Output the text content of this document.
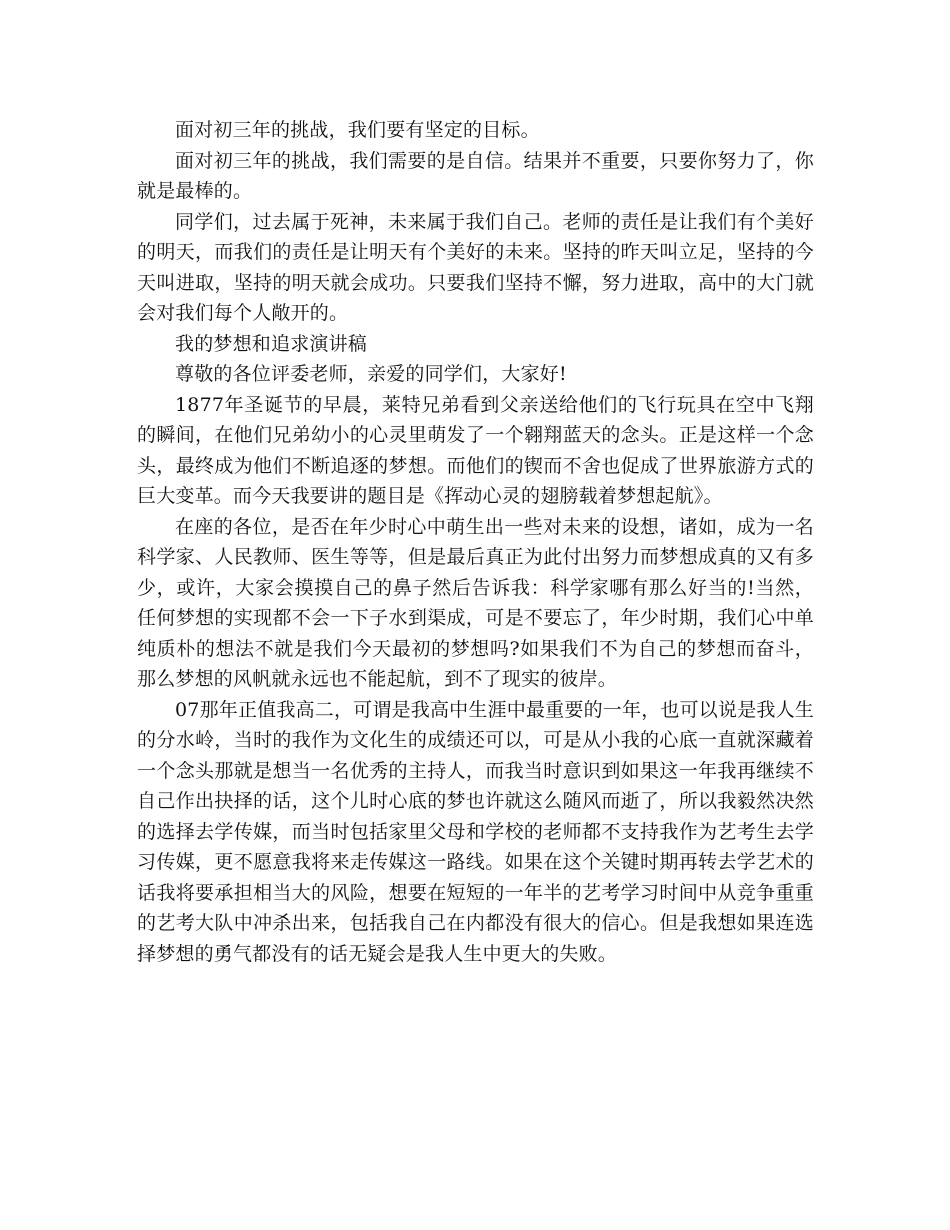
面对初三年的挑战，我们要有坚定的目标。

面对初三年的挑战，我们需要的是自信。结果并不重要，只要你努力了，你就是最棒的。

同学们，过去属于死神，未来属于我们自己。老师的责任是让我们有个美好的明天，而我们的责任是让明天有个美好的未来。坚持的昨天叫立足，坚持的今天叫进取，坚持的明天就会成功。只要我们坚持不懈，努力进取，高中的大门就会对我们每个人敞开的。

我的梦想和追求演讲稿

尊敬的各位评委老师，亲爱的同学们，大家好!

1877年圣诞节的早晨，莱特兄弟看到父亲送给他们的飞行玩具在空中飞翔的瞬间，在他们兄弟幼小的心灵里萌发了一个翱翔蓝天的念头。正是这样一个念头，最终成为他们不断追逐的梦想。而他们的锲而不舍也促成了世界旅游方式的巨大变革。而今天我要讲的题目是《挥动心灵的翅膀载着梦想起航》。

在座的各位，是否在年少时心中萌生出一些对未来的设想，诸如，成为一名科学家、人民教师、医生等等，但是最后真正为此付出努力而梦想成真的又有多少，或许，大家会摸摸自己的鼻子然后告诉我：科学家哪有那么好当的!当然，任何梦想的实现都不会一下子水到渠成，可是不要忘了，年少时期，我们心中单纯质朴的想法不就是我们今天最初的梦想吗?如果我们不为自己的梦想而奋斗，那么梦想的风帆就永远也不能起航，到不了现实的彼岸。

07那年正值我高二，可谓是我高中生涯中最重要的一年，也可以说是我人生的分水岭，当时的我作为文化生的成绩还可以，可是从小我的心底一直就深藏着一个念头那就是想当一名优秀的主持人，而我当时意识到如果这一年我再继续不自己作出抉择的话，这个儿时心底的梦也许就这么随风而逝了，所以我毅然决然的选择去学传媒，而当时包括家里父母和学校的老师都不支持我作为艺考生去学习传媒，更不愿意我将来走传媒这一路线。如果在这个关键时期再转去学艺术的话我将要承担相当大的风险，想要在短短的一年半的艺考学习时间中从竞争重重的艺考大队中冲杀出来，包括我自己在内都没有很大的信心。但是我想如果连选择梦想的勇气都没有的话无疑会是我人生中更大的失败。
